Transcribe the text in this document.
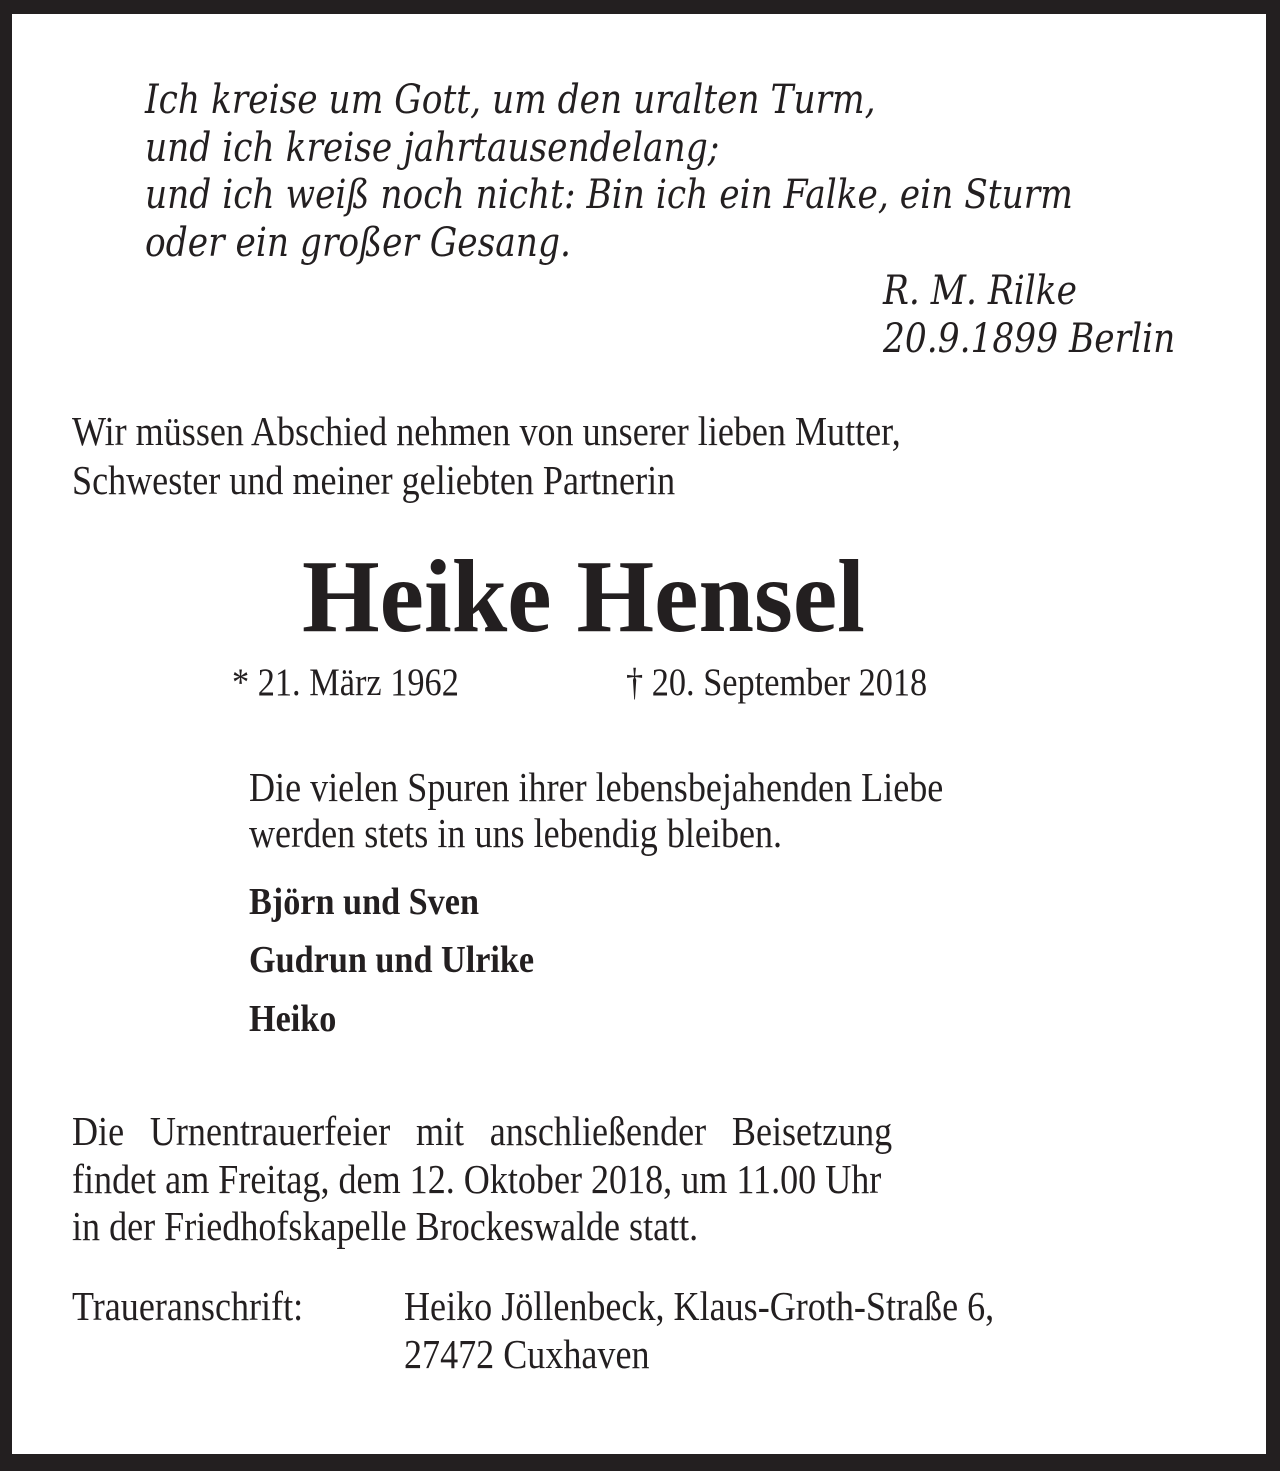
Ich kreise um Gott, um den uralten Turm,
und ich kreise jahrtausendelang;
und ich weiß noch nicht: Bin ich ein Falke, ein Sturm
oder ein großer Gesang.
R. M. Rilke
20.9.1899 Berlin
Wir müssen Abschied nehmen von unserer lieben Mutter,
Schwester und meiner geliebten Partnerin
Heike Hensel
* 21. März 1962	† 20. September 2018
Die vielen Spuren ihrer lebensbejahenden Liebe
werden stets in uns lebendig bleiben.
Björn und Sven
Gudrun und Ulrike
Heiko
Die Urnentrauerfeier mit anschließender Beisetzung
findet am Freitag, dem 12. Oktober 2018, um 11.00 Uhr
in der Friedhofskapelle Brockeswalde statt.
Traueranschrift: Heiko Jöllenbeck, Klaus-Groth-Straße 6,
27472 Cuxhaven
